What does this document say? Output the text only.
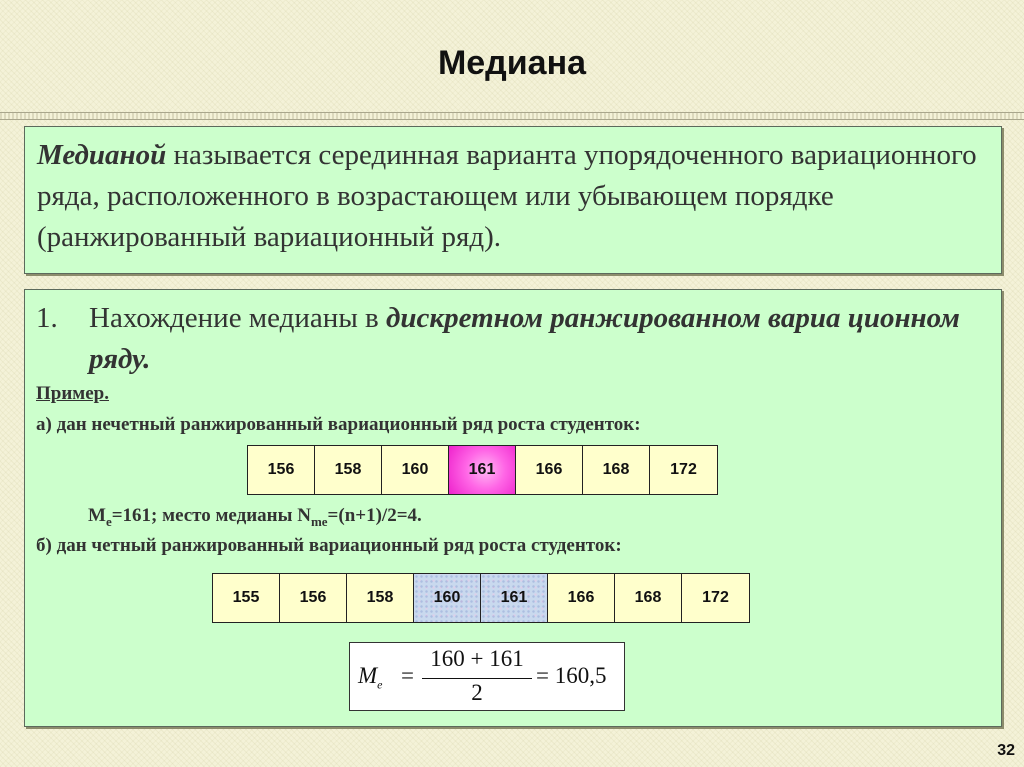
Медиана
Медианой называется серединная варианта упорядоченного вариационного ряда, расположенного в возрастающем или убывающем порядке (ранжированный вариационный ряд).
1. Нахождение медианы в дискретном ранжированном вариа ционном ряду.
Пример.
а) дан нечетный ранжированный вариационный ряд роста студенток:
156	158	160	161	166	168	172
$М_е=161$; место медианы $N_{me}=(n+1)/2=4$.
б) дан четный ранжированный вариационный ряд роста студенток:
155	156	158	160	161	166	168	172
$M_e$ =
160 + 161
2
= 160,5
32
